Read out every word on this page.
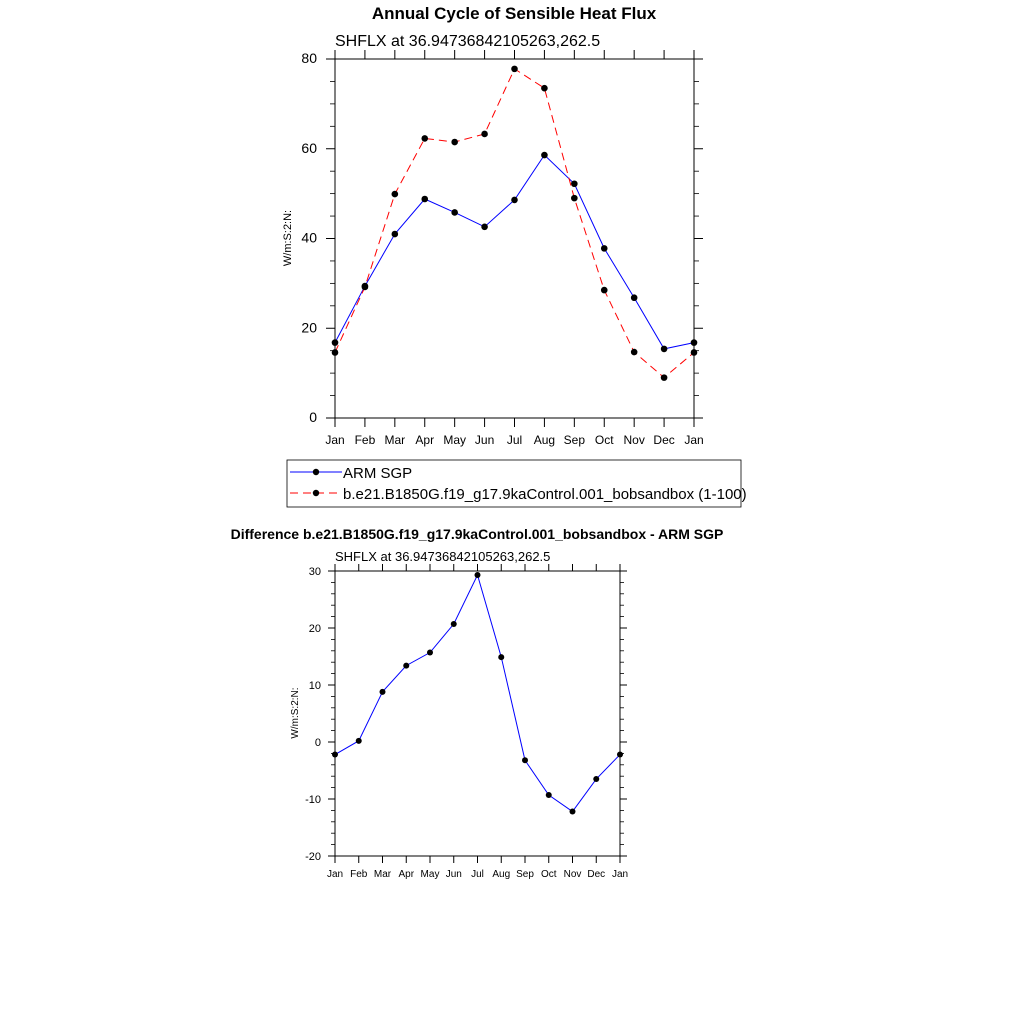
Annual Cycle of Sensible Heat Flux
SHFLX at 36.94736842105263,262.5
W/m:S:2:N:
0
20
40
60
80
Jan Feb Mar Apr May Jun Jul Aug Sep Oct Nov Dec Jan
ARM SGP
b.e21.B1850G.f19_g17.9kaControl.001_bobsandbox (1-100)
Difference b.e21.B1850G.f19_g17.9kaControl.001_bobsandbox - ARM SGP
SHFLX at 36.94736842105263,262.5
W/m:S:2:N:
-20
-10
0
10
20
30
Jan Feb Mar Apr May Jun Jul Aug Sep Oct Nov Dec Jan
